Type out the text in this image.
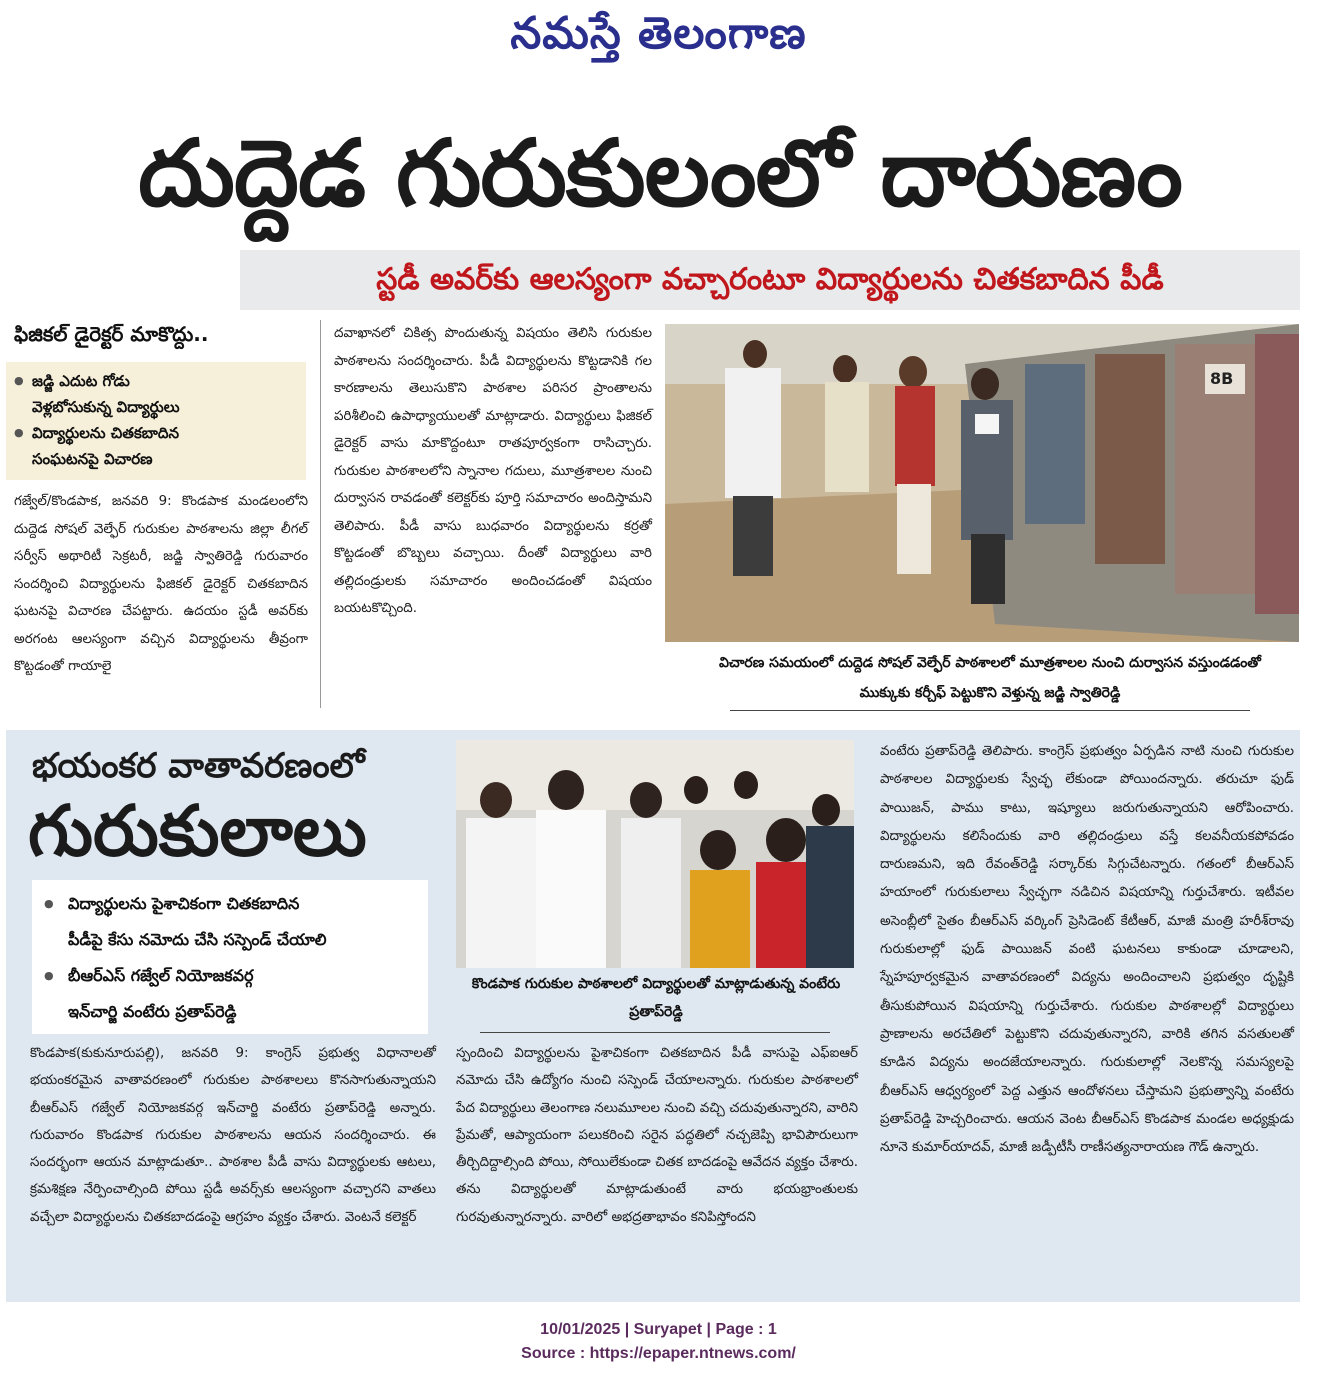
నమస్తే తెలంగాణ
దుద్దెడ గురుకులంలో దారుణం
స్టడీ అవర్‌కు ఆలస్యంగా వచ్చారంటూ విద్యార్థులను చితకబాదిన పీడీ
ఫిజికల్ డైరెక్టర్ మాకొద్దు..
● జడ్జి ఎదుట గోడు
వెళ్లబోసుకున్న విద్యార్థులు
● విద్యార్థులను చితకబాదిన
సంఘటనపై విచారణ
గజ్వేల్/కొండపాక, జనవరి 9: కొండపాక మండలంలోని దుద్దెడ సోషల్ వెల్ఫేర్ గురుకుల పాఠశాలను జిల్లా లీగల్ సర్వీస్ అథారిటీ సెక్రటరీ, జడ్జి స్వాతిరెడ్డి గురువారం సందర్శించి విద్యార్థులను ఫిజికల్ డైరెక్టర్ చితకబాదిన ఘటనపై విచారణ చేపట్టారు. ఉదయం స్టడీ అవర్‌కు అరగంట ఆలస్యంగా వచ్చిన విద్యార్థులను తీవ్రంగా కొట్టడంతో గాయాలై
దవాఖానలో చికిత్స పొందుతున్న విషయం తెలిసి గురుకుల పాఠశాలను సందర్శించారు. పీడీ విద్యార్థులను కొట్టడానికి గల కారణాలను తెలుసుకొని పాఠశాల పరిసర ప్రాంతాలను పరిశీలించి ఉపాధ్యాయులతో మాట్లాడారు. విద్యార్థులు ఫిజికల్ డైరెక్టర్ వాసు మాకొద్దంటూ రాతపూర్వకంగా రాసిచ్చారు. గురుకుల పాఠశాలలోని స్నానాల గదులు, మూత్రశాలల నుంచి దుర్వాసన రావడంతో కలెక్టర్‌కు పూర్తి సమాచారం అందిస్తామని తెలిపారు. పీడీ వాసు బుధవారం విద్యార్థులను కర్రతో కొట్టడంతో బొబ్బలు వచ్చాయి. దీంతో విద్యార్థులు వారి తల్లిదండ్రులకు సమాచారం అందించడంతో విషయం బయటకొచ్చింది.
8B
విచారణ సమయంలో దుద్దెడ సోషల్ వెల్ఫేర్ పాఠశాలలో మూత్రశాలల నుంచి దుర్వాసన వస్తుండడంతో ముక్కుకు కర్చీఫ్ పెట్టుకొని వెళ్తున్న జడ్జి స్వాతిరెడ్డి
భయంకర వాతావరణంలో
గురుకులాలు
● విద్యార్థులను పైశాచికంగా చితకబాదిన
పీడీపై కేసు నమోదు చేసి సస్పెండ్ చేయాలి
● బీఆర్‌ఎస్ గజ్వేల్ నియోజకవర్గ
ఇన్‌చార్జి వంటేరు ప్రతాప్‌రెడ్డి
కొండపాక గురుకుల పాఠశాలలో విద్యార్థులతో మాట్లాడుతున్న వంటేరు ప్రతాప్‌రెడ్డి
కొండపాక(కుకునూరుపల్లి), జనవరి 9: కాంగ్రెస్ ప్రభుత్వ విధానాలతో భయంకరమైన వాతావరణంలో గురుకుల పాఠశాలలు కొనసాగుతున్నాయని బీఆర్‌ఎస్ గజ్వేల్ నియోజకవర్గ ఇన్‌చార్జి వంటేరు ప్రతాప్‌రెడ్డి అన్నారు. గురువారం కొండపాక గురుకుల పాఠశాలను ఆయన సందర్శించారు. ఈ సందర్భంగా ఆయన మాట్లాడుతూ.. పాఠశాల పీడీ వాసు విద్యార్థులకు ఆటలు, క్రమశిక్షణ నేర్పించాల్సింది పోయి స్టడీ అవర్స్‌కు ఆలస్యంగా వచ్చారని వాతలు వచ్చేలా విద్యార్థులను చితకబాదడంపై ఆగ్రహం వ్యక్తం చేశారు. వెంటనే కలెక్టర్
స్పందించి విద్యార్థులను పైశాచికంగా చితకబాదిన పీడీ వాసుపై ఎఫ్‌ఐఆర్ నమోదు చేసి ఉద్యోగం నుంచి సస్పెండ్ చేయాలన్నారు. గురుకుల పాఠశాలలో పేద విద్యార్థులు తెలంగాణ నలుమూలల నుంచి వచ్చి చదువుతున్నారని, వారిని ప్రేమతో, ఆప్యాయంగా పలుకరించి సరైన పద్ధతిలో నచ్చజెప్పి భావిపౌరులుగా తీర్చిదిద్దాల్సింది పోయి, సోయిలేకుండా చితక బాదడంపై ఆవేదన వ్యక్తం చేశారు. తను విద్యార్థులతో మాట్లాడుతుంటే వారు భయభ్రాంతులకు గురవుతున్నారన్నారు. వారిలో అభద్రతాభావం కనిపిస్తోందని
వంటేరు ప్రతాప్‌రెడ్డి తెలిపారు. కాంగ్రెస్ ప్రభుత్వం ఏర్పడిన నాటి నుంచి గురుకుల పాఠశాలల విద్యార్థులకు స్వేచ్ఛ లేకుండా పోయిందన్నారు. తరుచూ ఫుడ్ పాయిజన్, పాము కాటు, ఇష్యూలు జరుగుతున్నాయని ఆరోపించారు. విద్యార్థులను కలిసేందుకు వారి తల్లిదండ్రులు వస్తే కలవనీయకపోవడం దారుణమని, ఇది రేవంత్‌రెడ్డి సర్కార్‌కు సిగ్గుచేటన్నారు. గతంలో బీఆర్‌ఎస్ హయాంలో గురుకులాలు స్వేచ్ఛగా నడిచిన విషయాన్ని గుర్తుచేశారు. ఇటీవల అసెంబ్లీలో సైతం బీఆర్‌ఎస్ వర్కింగ్ ప్రెసిడెంట్ కేటీఆర్, మాజీ మంత్రి హరీశ్‌రావు గురుకులాల్లో ఫుడ్ పాయిజన్ వంటి ఘటనలు కాకుండా చూడాలని, స్నేహపూర్వకమైన వాతావరణంలో విద్యను అందించాలని ప్రభుత్వం దృష్టికి తీసుకుపోయిన విషయాన్ని గుర్తుచేశారు. గురుకుల పాఠశాలల్లో విద్యార్థులు ప్రాణాలను అరచేతిలో పెట్టుకొని చదువుతున్నారని, వారికి తగిన వసతులతో కూడిన విద్యను అందజేయాలన్నారు. గురుకులాల్లో నెలకొన్న సమస్యలపై బీఆర్‌ఎస్ ఆధ్వర్యంలో పెద్ద ఎత్తున ఆందోళనలు చేస్తామని ప్రభుత్వాన్ని వంటేరు ప్రతాప్‌రెడ్డి హెచ్చరించారు. ఆయన వెంట బీఆర్‌ఎస్ కొండపాక మండల అధ్యక్షుడు నూనె కుమార్‌యాదవ్, మాజీ జడ్పీటీసీ రాణీసత్యనారాయణ గౌడ్ ఉన్నారు.
10/01/2025 | Suryapet | Page : 1
Source : https://epaper.ntnews.com/
